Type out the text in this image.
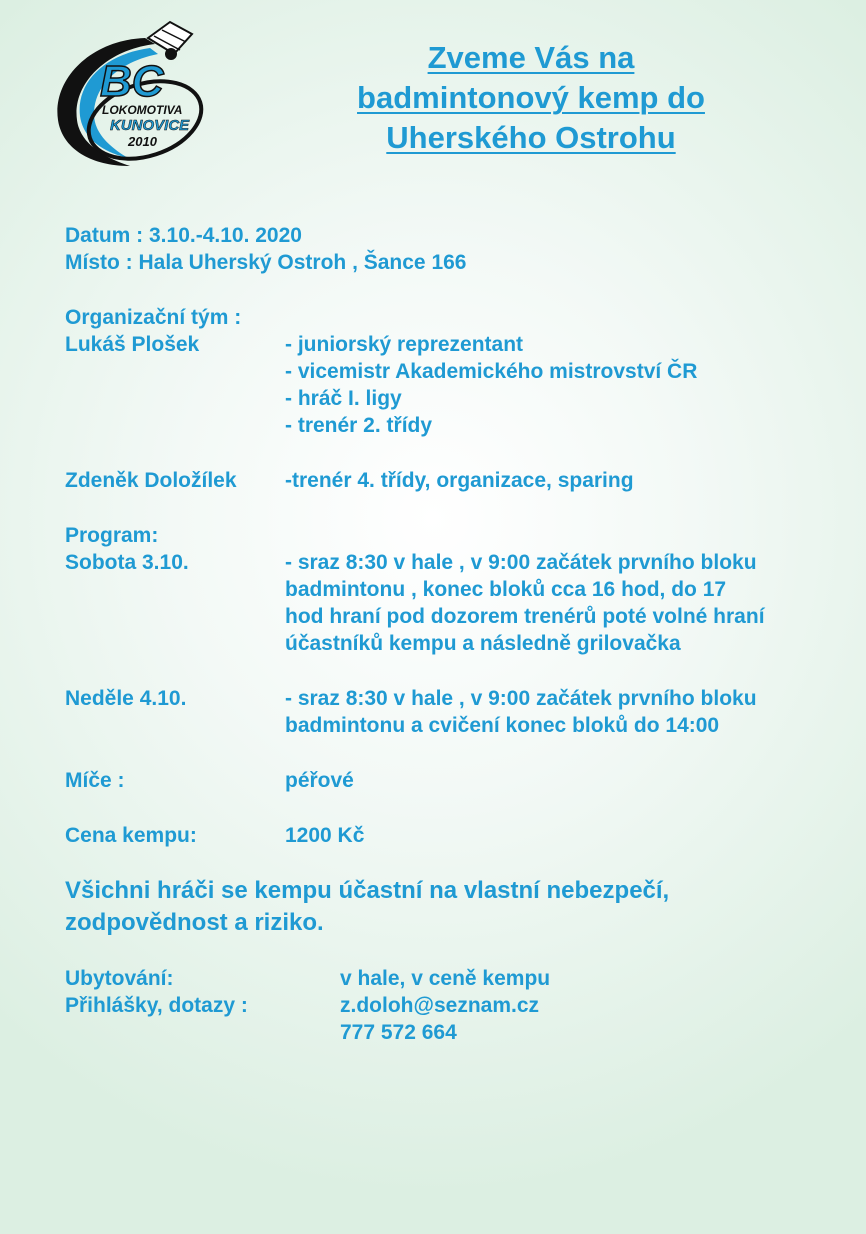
BC
LOKOMOTIVA
KUNOVICE
2010
Zveme Vás na
badmintonový kemp do
Uherského Ostrohu
Datum : 3.10.-4.10. 2020
Místo : Hala Uherský Ostroh , Šance 166
Organizační tým :
Lukáš Plošek	- juniorský reprezentant
- vicemistr Akademického mistrovství ČR
- hráč I. ligy
- trenér 2. třídy
Zdeněk Doložílek -trenér 4. třídy, organizace, sparing
Program:
Sobota 3.10.	- sraz 8:30 v hale , v 9:00 začátek prvního bloku
badmintonu , konec bloků cca 16 hod, do 17
hod hraní pod dozorem trenérů poté volné hraní
účastníků kempu a následně grilovačka
Neděle 4.10.	- sraz 8:30 v hale , v 9:00 začátek prvního bloku
badmintonu a cvičení konec bloků do 14:00
Míče :	péřové
Cena kempu:	1200 Kč
Všichni hráči se kempu účastní na vlastní nebezpečí,
zodpovědnost a riziko.
Ubytování:	v hale, v ceně kempu
Přihlášky, dotazy :	z.doloh@seznam.cz
777 572 664
